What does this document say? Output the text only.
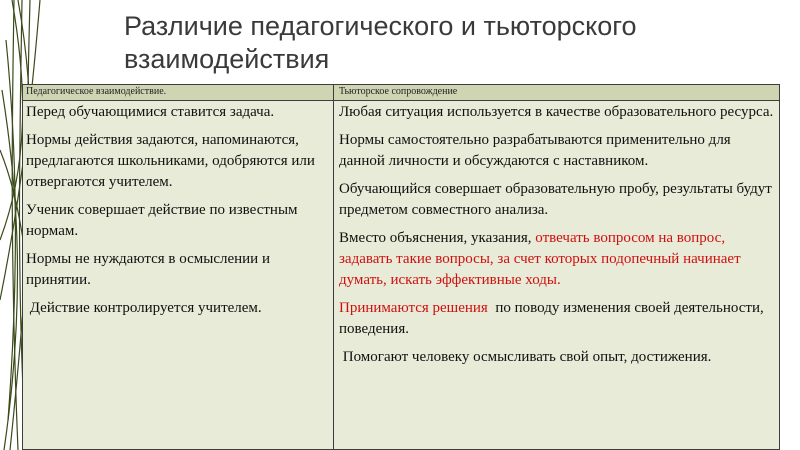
Различие педагогического и тьюторского взаимодействия
Педагогическое взаимодействие.	Тьюторское сопровождение

Перед обучающимися ставится задача.

Нормы действия задаются, напоминаются, предлагаются школьниками, одобряются или отвергаются учителем.

Ученик совершает действие по известным нормам.

Нормы не нуждаются в осмыслении и принятии.

Действие контролируется учителем.

Любая ситуация используется в качестве образовательного ресурса.

Нормы самостоятельно разрабатываются применительно для данной личности и обсуждаются с наставником.

Обучающийся совершает образовательную пробу, результаты будут предметом совместного анализа.

Вместо объяснения, указания, отвечать вопросом на вопрос, задавать такие вопросы, за счет которых подопечный начинает думать, искать эффективные ходы.

Принимаются решения  по поводу изменения своей деятельности, поведения.

Помогают человеку осмысливать свой опыт, достижения.
